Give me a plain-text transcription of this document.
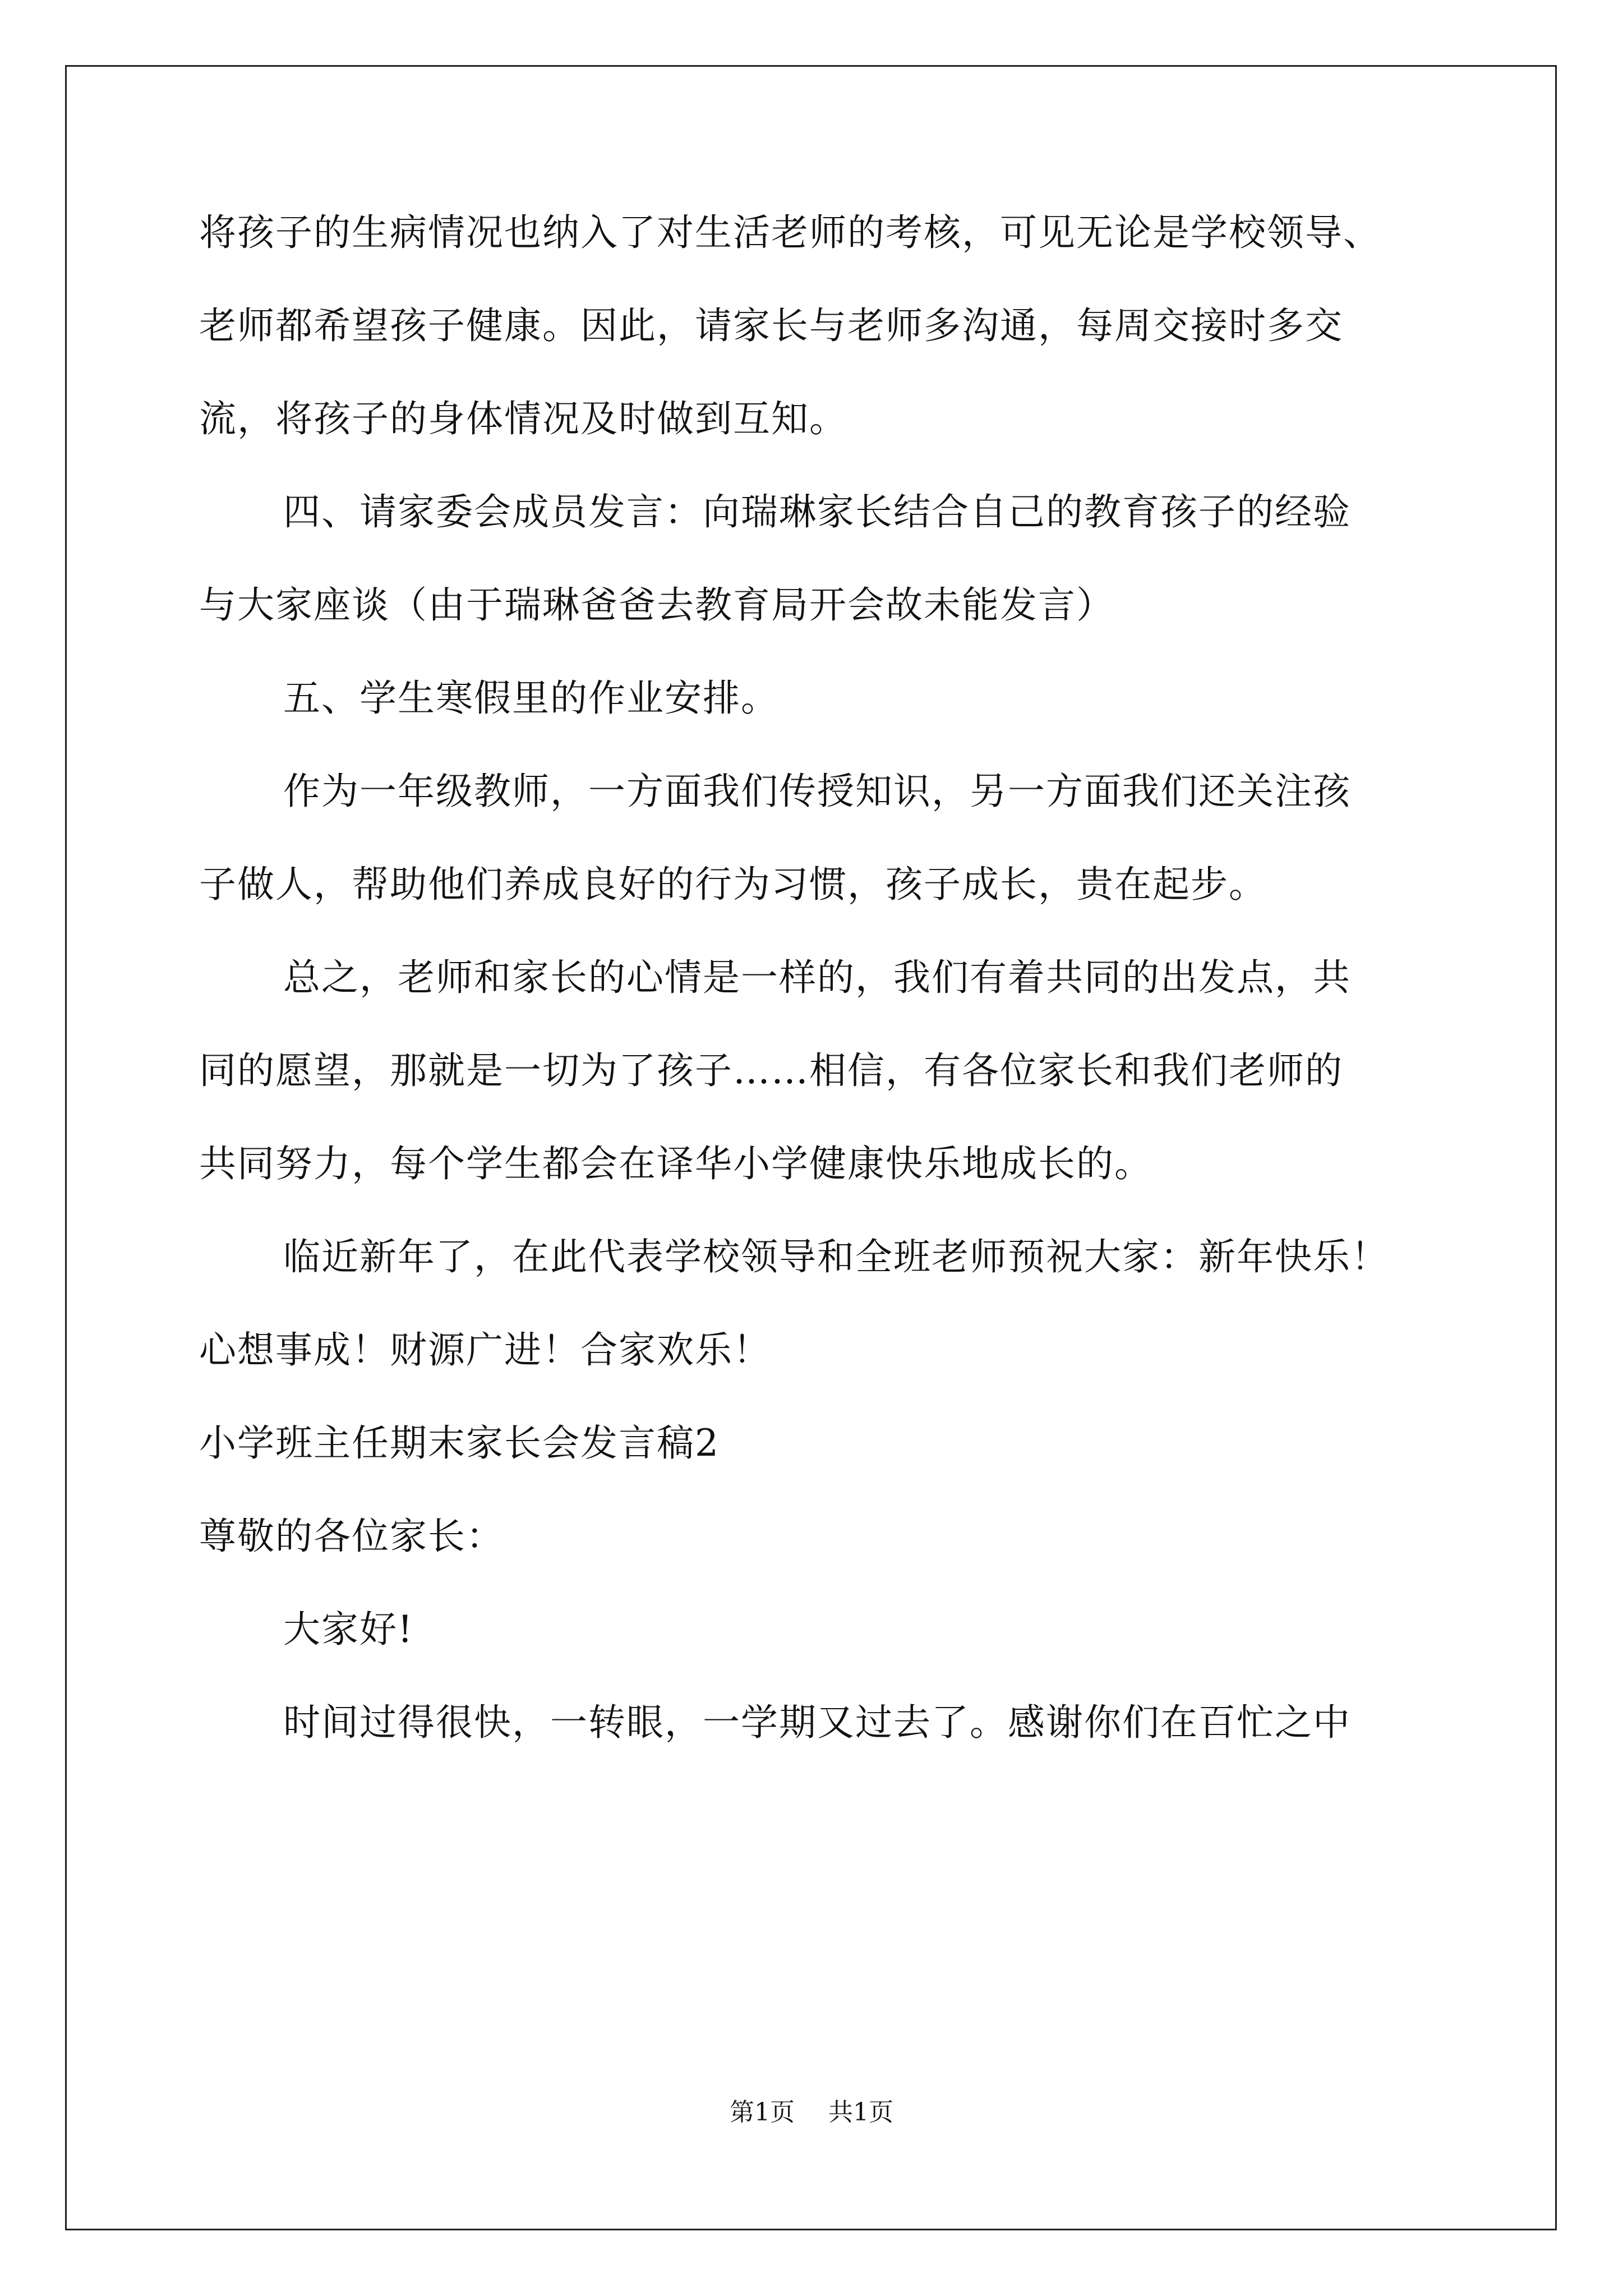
将孩子的生病情况也纳入了对生活老师的考核，可见无论是学校领导、

老师都希望孩子健康。因此，请家长与老师多沟通，每周交接时多交

流，将孩子的身体情况及时做到互知。

四、请家委会成员发言：向瑞琳家长结合自己的教育孩子的经验

与大家座谈（由于瑞琳爸爸去教育局开会故未能发言）

五、学生寒假里的作业安排。

作为一年级教师，一方面我们传授知识，另一方面我们还关注孩

子做人，帮助他们养成良好的行为习惯，孩子成长，贵在起步。

总之，老师和家长的心情是一样的，我们有着共同的出发点，共

同的愿望，那就是一切为了孩子……相信，有各位家长和我们老师的

共同努力，每个学生都会在译华小学健康快乐地成长的。

临近新年了，在此代表学校领导和全班老师预祝大家：新年快乐！

心想事成！财源广进！合家欢乐！

小学班主任期末家长会发言稿2

尊敬的各位家长：

大家好!

时间过得很快，一转眼，一学期又过去了。感谢你们在百忙之中

第1页 共1页
